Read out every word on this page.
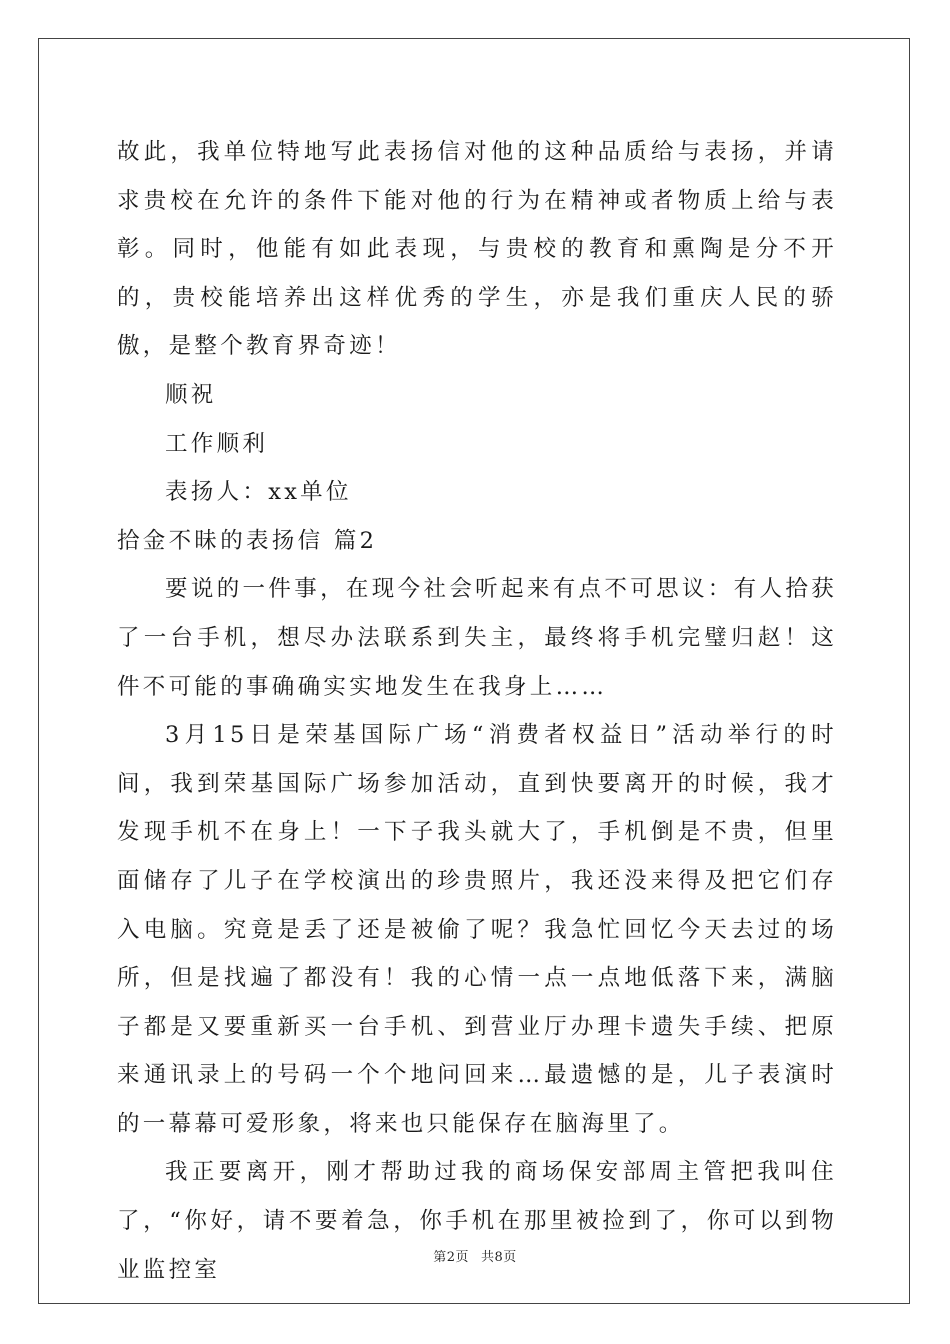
故此，我单位特地写此表扬信对他的这种品质给与表扬，并请求贵校在允许的条件下能对他的行为在精神或者物质上给与表彰。同时，他能有如此表现，与贵校的教育和熏陶是分不开的，贵校能培养出这样优秀的学生，亦是我们重庆人民的骄傲，是整个教育界奇迹！

顺祝

工作顺利

表扬人：xx单位

拾金不昧的表扬信 篇2

要说的一件事，在现今社会听起来有点不可思议：有人拾获了一台手机，想尽办法联系到失主，最终将手机完璧归赵！这件不可能的事确确实实地发生在我身上……

3月15日是荣基国际广场“消费者权益日”活动举行的时间，我到荣基国际广场参加活动，直到快要离开的时候，我才发现手机不在身上！一下子我头就大了，手机倒是不贵，但里面储存了儿子在学校演出的珍贵照片，我还没来得及把它们存入电脑。究竟是丢了还是被偷了呢？我急忙回忆今天去过的场所，但是找遍了都没有！我的心情一点一点地低落下来，满脑子都是又要重新买一台手机、到营业厅办理卡遗失手续、把原来通讯录上的号码一个个地问回来…最遗憾的是，儿子表演时的一幕幕可爱形象，将来也只能保存在脑海里了。

我正要离开，刚才帮助过我的商场保安部周主管把我叫住了，“你好，请不要着急，你手机在那里被捡到了，你可以到物业监控室	第2页 共8页
